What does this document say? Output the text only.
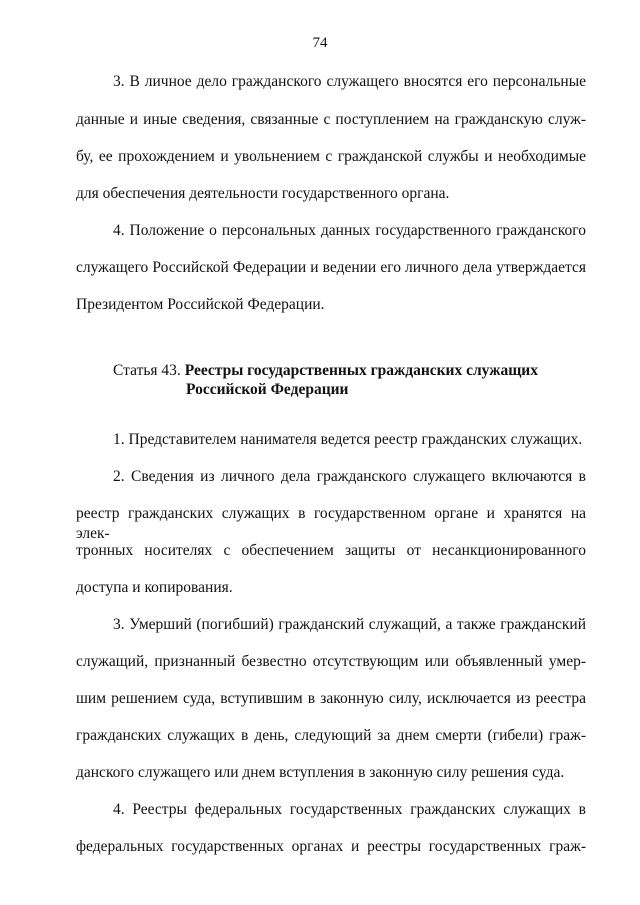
74
3. В личное дело гражданского служащего вносятся его персональные
данные и иные сведения, связанные с поступлением на гражданскую служ-
бу, ее прохождением и увольнением с гражданской службы и необходимые
для обеспечения деятельности государственного органа.
4. Положение о персональных данных государственного гражданского
служащего Российской Федерации и ведении его личного дела утверждается
Президентом Российской Федерации.
Статья 43. Реестры государственных гражданских служащих
Российской Федерации
1. Представителем нанимателя ведется реестр гражданских служащих.
2. Сведения из личного дела гражданского служащего включаются в
реестр гражданских служащих в государственном органе и хранятся на элек-
тронных носителях с обеспечением защиты от несанкционированного
доступа и копирования.
3. Умерший (погибший) гражданский служащий, а также гражданский
служащий, признанный безвестно отсутствующим или объявленный умер-
шим решением суда, вступившим в законную силу, исключается из реестра
гражданских служащих в день, следующий за днем смерти (гибели) граж-
данского служащего или днем вступления в законную силу решения суда.
4. Реестры федеральных государственных гражданских служащих в
федеральных государственных органах и реестры государственных граж-
